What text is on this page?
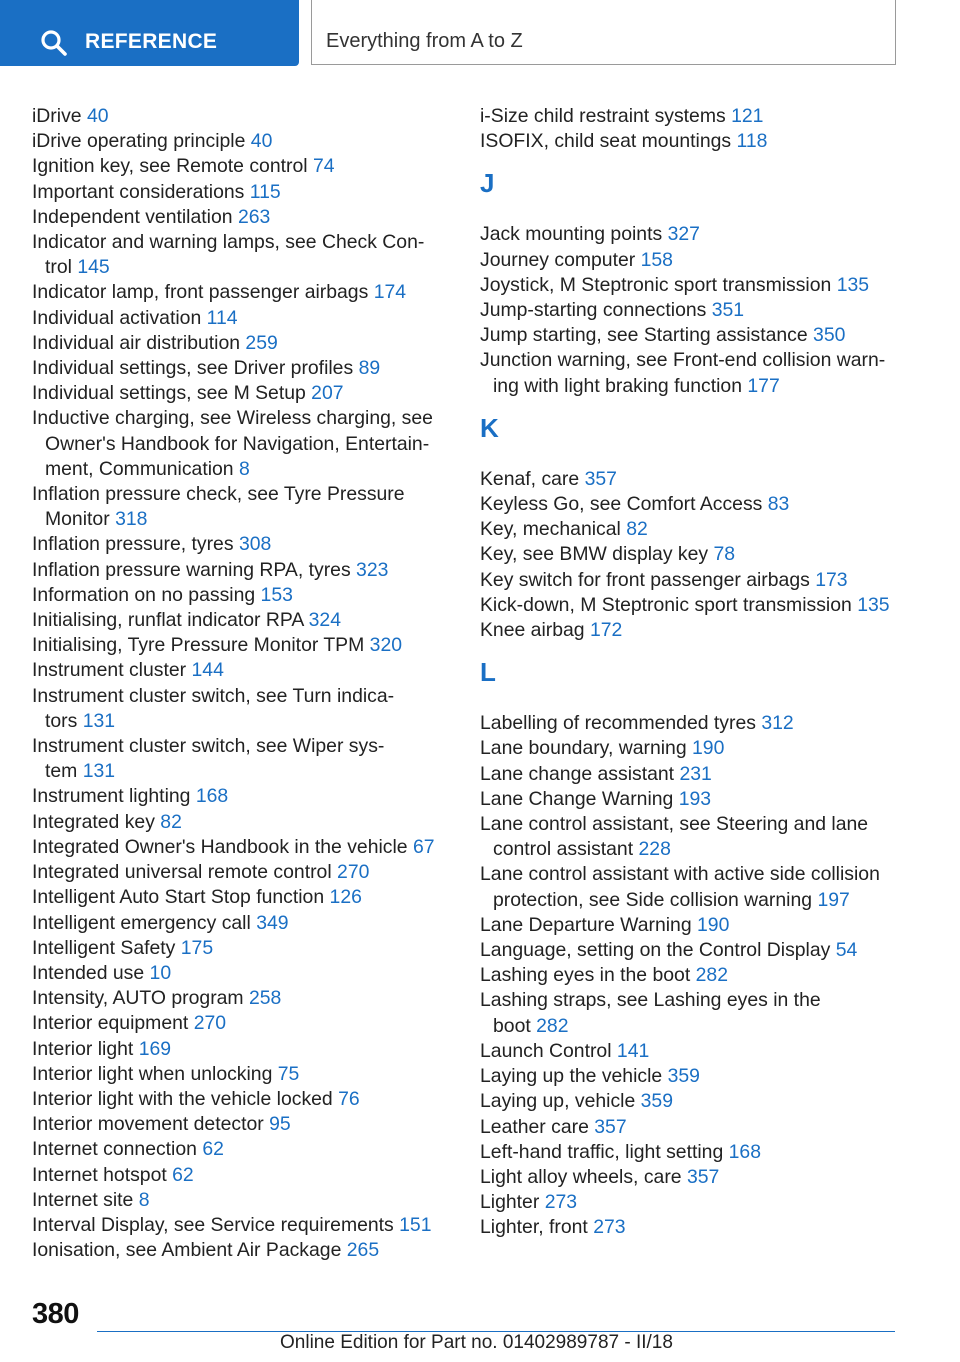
REFERENCE	Everything from A to Z
iDrive 40
iDrive operating principle 40
Ignition key, see Remote control 74
Important considerations 115
Independent ventilation 263
Indicator and warning lamps, see Check Con-
trol 145
Indicator lamp, front passenger airbags 174
Individual activation 114
Individual air distribution 259
Individual settings, see Driver profiles 89
Individual settings, see M Setup 207
Inductive charging, see Wireless charging, see
Owner's Handbook for Navigation, Entertain-
ment, Communication 8
Inflation pressure check, see Tyre Pressure
Monitor 318
Inflation pressure, tyres 308
Inflation pressure warning RPA, tyres 323
Information on no passing 153
Initialising, runflat indicator RPA 324
Initialising, Tyre Pressure Monitor TPM 320
Instrument cluster 144
Instrument cluster switch, see Turn indica-
tors 131
Instrument cluster switch, see Wiper sys-
tem 131
Instrument lighting 168
Integrated key 82
Integrated Owner's Handbook in the vehicle 67
Integrated universal remote control 270
Intelligent Auto Start Stop function 126
Intelligent emergency call 349
Intelligent Safety 175
Intended use 10
Intensity, AUTO program 258
Interior equipment 270
Interior light 169
Interior light when unlocking 75
Interior light with the vehicle locked 76
Interior movement detector 95
Internet connection 62
Internet hotspot 62
Internet site 8
Interval Display, see Service requirements 151
Ionisation, see Ambient Air Package 265
i-Size child restraint systems 121
ISOFIX, child seat mountings 118
J
Jack mounting points 327
Journey computer 158
Joystick, M Steptronic sport transmission 135
Jump-starting connections 351
Jump starting, see Starting assistance 350
Junction warning, see Front-end collision warn-
ing with light braking function 177
K
Kenaf, care 357
Keyless Go, see Comfort Access 83
Key, mechanical 82
Key, see BMW display key 78
Key switch for front passenger airbags 173
Kick-down, M Steptronic sport transmission 135
Knee airbag 172
L
Labelling of recommended tyres 312
Lane boundary, warning 190
Lane change assistant 231
Lane Change Warning 193
Lane control assistant, see Steering and lane
control assistant 228
Lane control assistant with active side collision
protection, see Side collision warning 197
Lane Departure Warning 190
Language, setting on the Control Display 54
Lashing eyes in the boot 282
Lashing straps, see Lashing eyes in the
boot 282
Launch Control 141
Laying up the vehicle 359
Laying up, vehicle 359
Leather care 357
Left-hand traffic, light setting 168
Light alloy wheels, care 357
Lighter 273
Lighter, front 273
380
Online Edition for Part no. 01402989787 - II/18
